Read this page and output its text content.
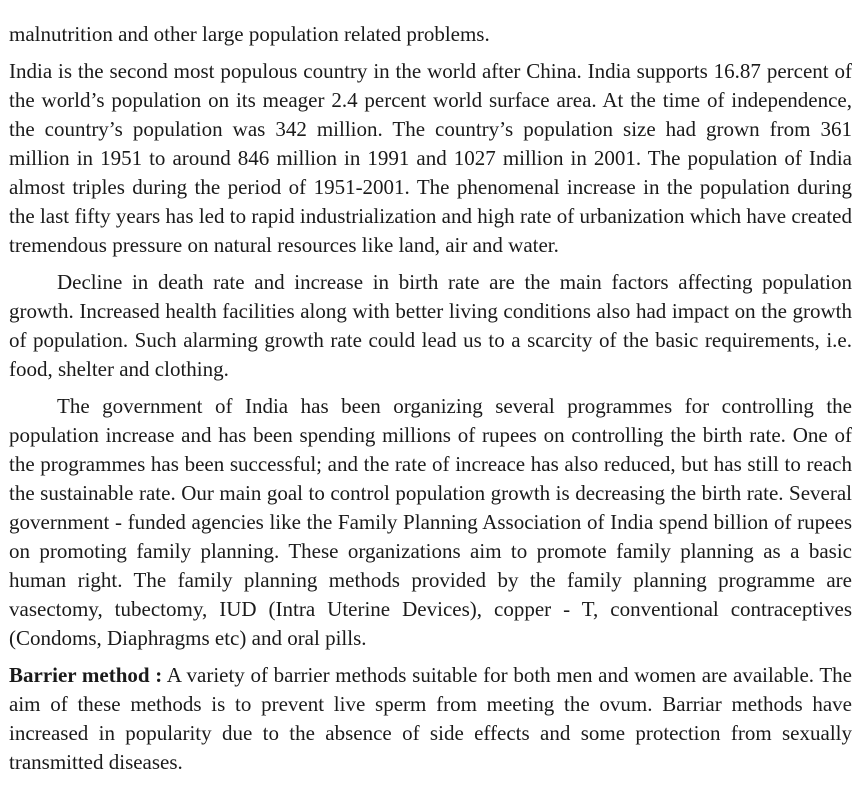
malnutrition and other large population related problems.

India is the second most populous country in the world after China. India supports 16.87 percent of the world’s population on its meager 2.4 percent world surface area. At the time of independence, the country’s population was 342 million. The country’s population size had grown from 361 million in 1951 to around 846 million in 1991 and 1027 million in 2001. The population of India almost triples during the period of 1951-2001. The phenomenal increase in the population during the last fifty years has led to rapid industrialization and high rate of urbanization which have created tremendous pressure on natural resources like land, air and water.

Decline in death rate and increase in birth rate are the main factors affecting population growth. Increased health facilities along with better living conditions also had impact on the growth of population. Such alarming growth rate could lead us to a scarcity of the basic requirements, i.e. food, shelter and clothing.

The government of India has been organizing several programmes for controlling the population increase and has been spending millions of rupees on controlling the birth rate. One of the programmes has been successful; and the rate of increace has also reduced, but has still to reach the sustainable rate. Our main goal to control population growth is decreasing the birth rate. Several government - funded agencies like the Family Planning Association of India spend billion of rupees on promoting family planning. These organizations aim to promote family planning as a basic human right. The family planning methods provided by the family planning programme are vasectomy, tubectomy, IUD (Intra Uterine Devices), copper - T, conventional contraceptives (Condoms, Diaphragms etc) and oral pills.

Barrier method : A variety of barrier methods suitable for both men and women are available. The aim of these methods is to prevent live sperm from meeting the ovum. Barriar methods have increased in popularity due to the absence of side effects and some protection from sexually transmitted diseases.
